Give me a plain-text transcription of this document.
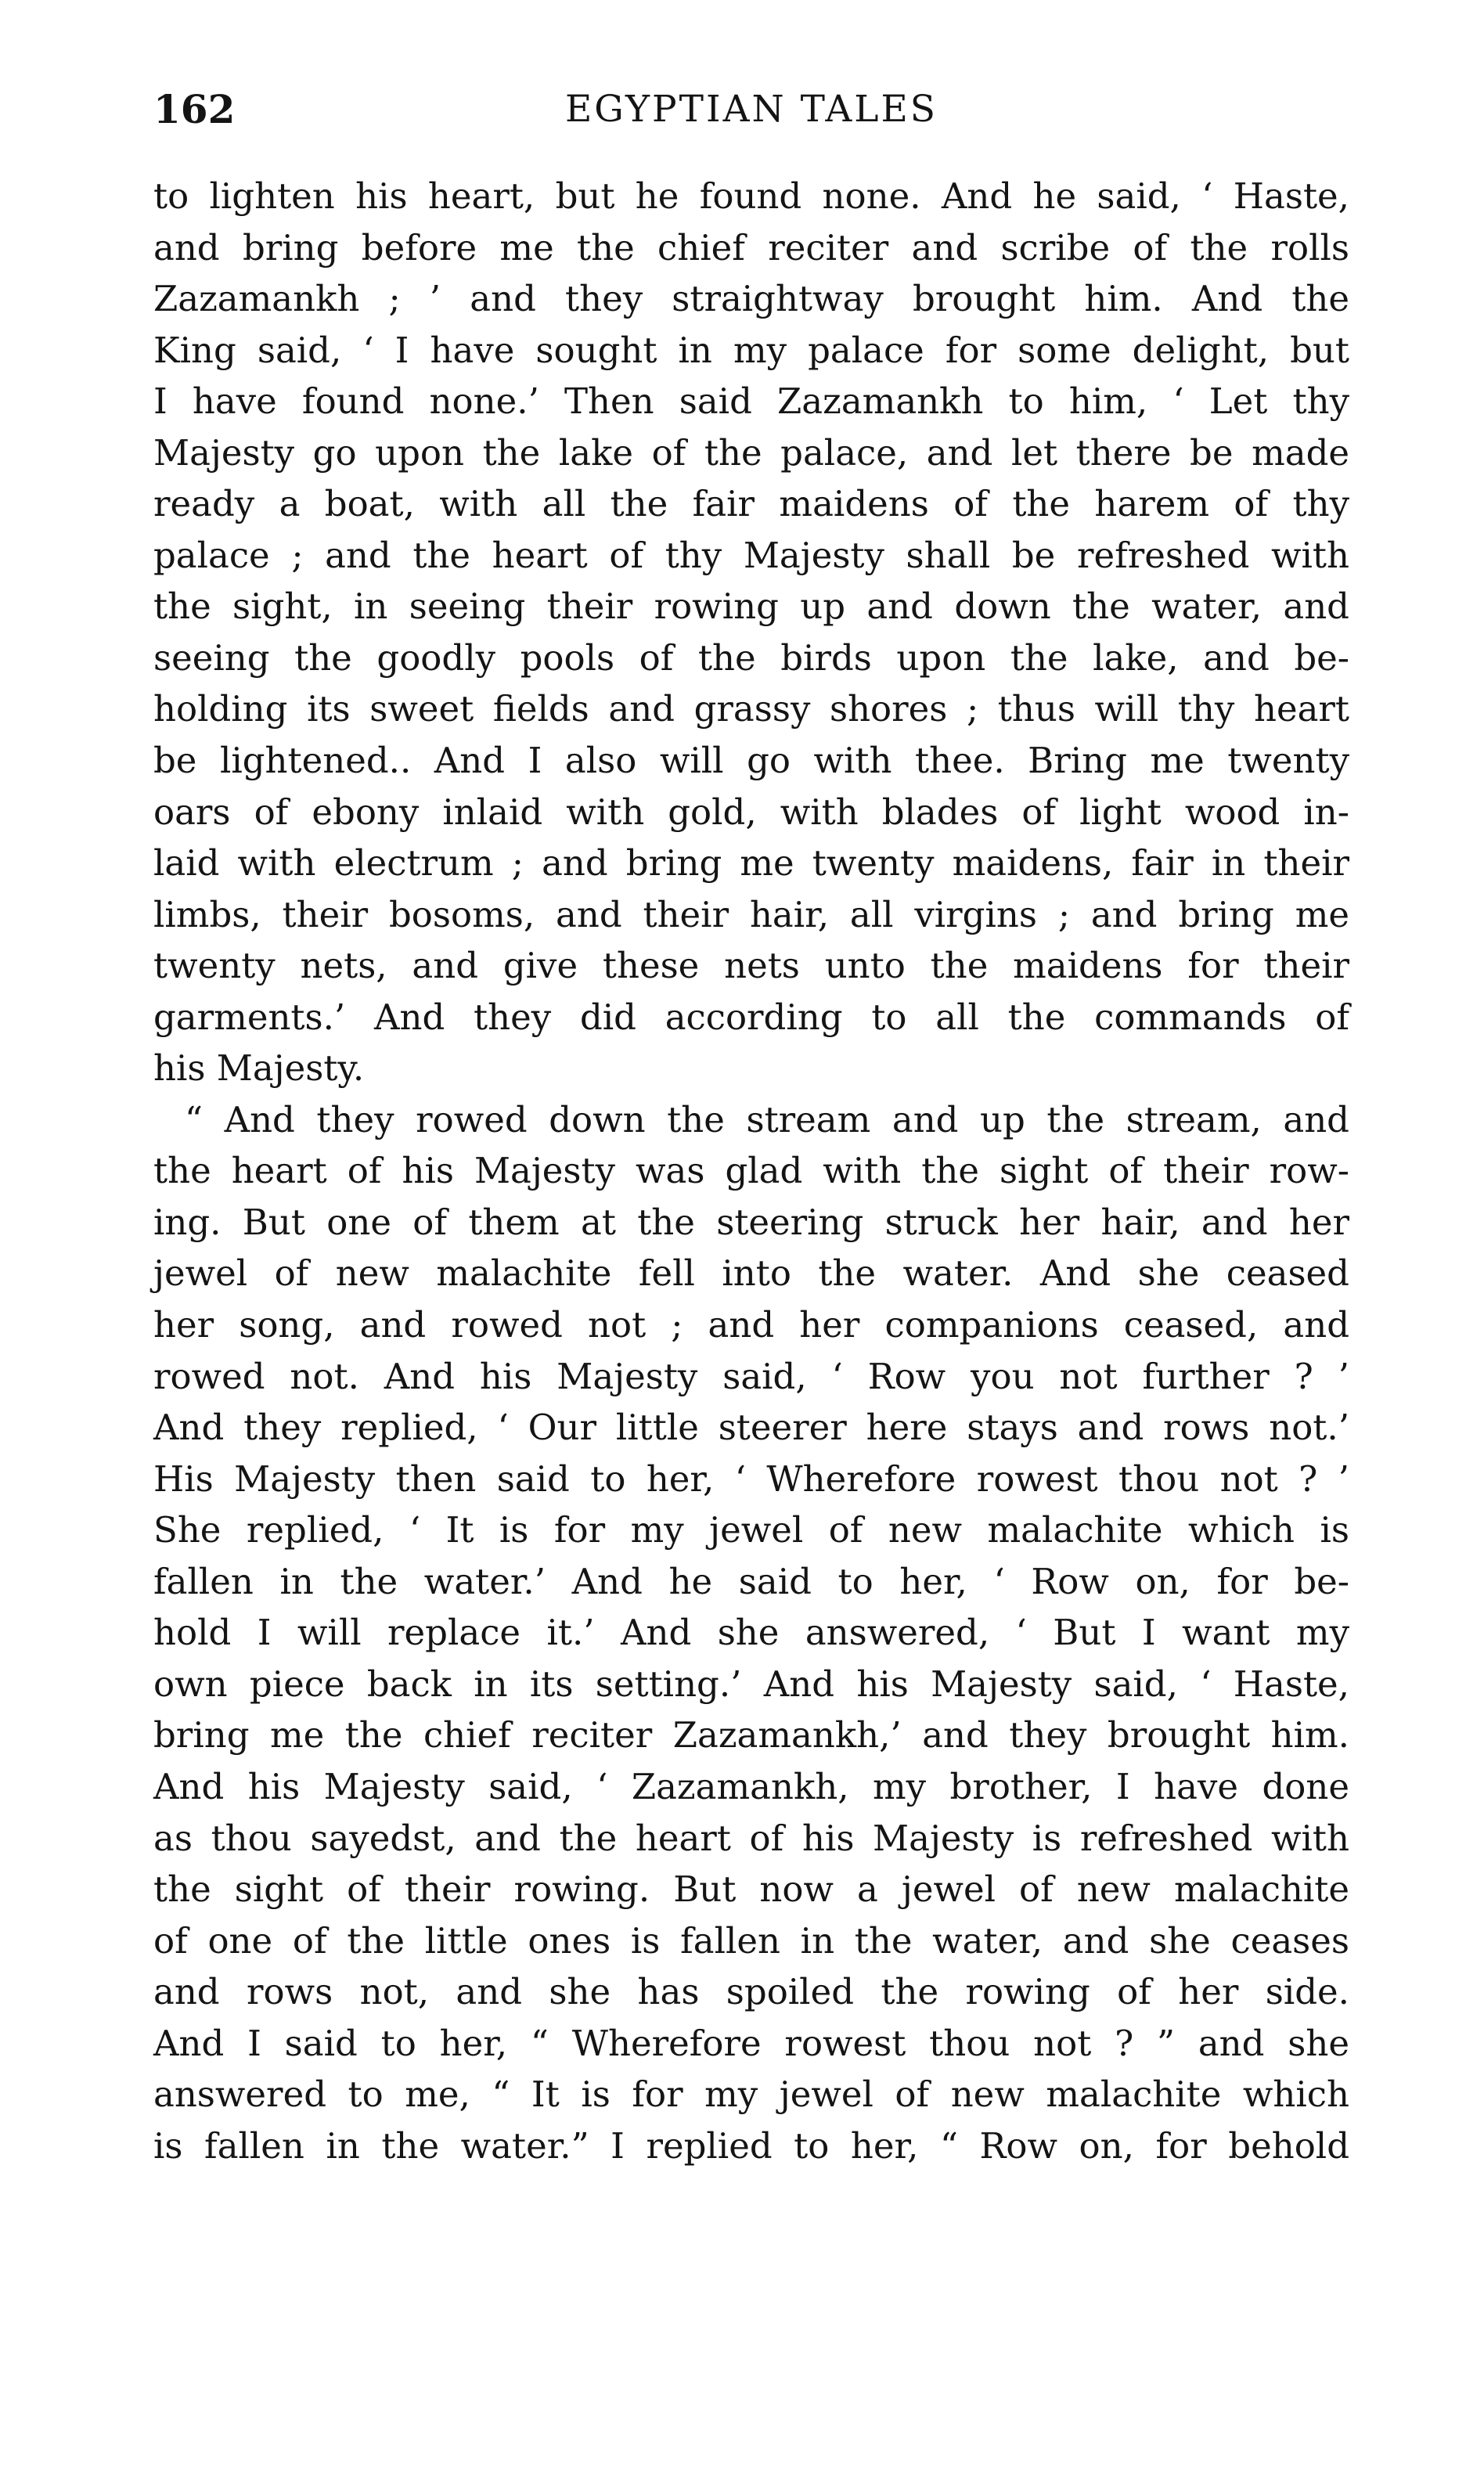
162	EGYPTIAN TALES
to lighten his heart, but he found none. And he said, ‘ Haste,
and bring before me the chief reciter and scribe of the rolls
Zazamankh ; ’ and they straightway brought him. And the
King said, ‘ I have sought in my palace for some delight, but
I have found none.’ Then said Zazamankh to him, ‘ Let thy
Majesty go upon the lake of the palace, and let there be made
ready a boat, with all the fair maidens of the harem of thy
palace ; and the heart of thy Majesty shall be refreshed with
the sight, in seeing their rowing up and down the water, and
seeing the goodly pools of the birds upon the lake, and be-
holding its sweet fields and grassy shores ; thus will thy heart
be lightened.. And I also will go with thee. Bring me twenty
oars of ebony inlaid with gold, with blades of light wood in-
laid with electrum ; and bring me twenty maidens, fair in their
limbs, their bosoms, and their hair, all virgins ; and bring me
twenty nets, and give these nets unto the maidens for their
garments.’ And they did according to all the commands of
his Majesty.
“ And they rowed down the stream and up the stream, and
the heart of his Majesty was glad with the sight of their row-
ing. But one of them at the steering struck her hair, and her
jewel of new malachite fell into the water. And she ceased
her song, and rowed not ; and her companions ceased, and
rowed not. And his Majesty said, ‘ Row you not further ? ’
And they replied, ‘ Our little steerer here stays and rows not.’
His Majesty then said to her, ‘ Wherefore rowest thou not ? ’
She replied, ‘ It is for my jewel of new malachite which is
fallen in the water.’ And he said to her, ‘ Row on, for be-
hold I will replace it.’ And she answered, ‘ But I want my
own piece back in its setting.’ And his Majesty said, ‘ Haste,
bring me the chief reciter Zazamankh,’ and they brought him.
And his Majesty said, ‘ Zazamankh, my brother, I have done
as thou sayedst, and the heart of his Majesty is refreshed with
the sight of their rowing. But now a jewel of new malachite
of one of the little ones is fallen in the water, and she ceases
and rows not, and she has spoiled the rowing of her side.
And I said to her, “ Wherefore rowest thou not ? ” and she
answered to me, “ It is for my jewel of new malachite which
is fallen in the water.” I replied to her, “ Row on, for behold
